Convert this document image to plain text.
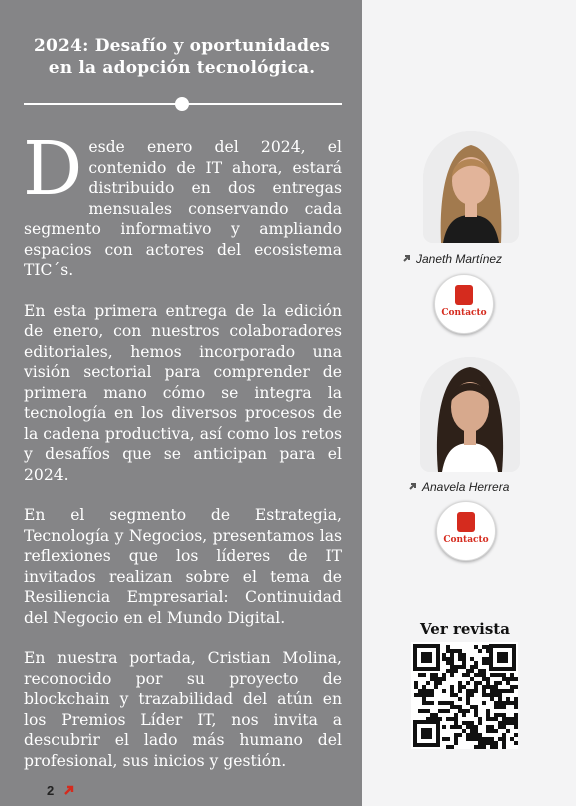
2024: Desafío y oportunidades
en la adopción tecnológica.

Desde enero del 2024, el contenido de IT ahora, estará distribuido en dos entregas mensuales conservando cada segmento informativo y ampliando espacios con actores del ecosistema TIC´s.

En esta primera entrega de la edición de enero, con nuestros colaboradores editoriales, hemos incorporado una visión sectorial para comprender de primera mano cómo se integra la tecnología en los diversos procesos de la cadena productiva, así como los retos y desafíos que se anticipan para el 2024.

En el segmento de Estrategia, Tecnología y Negocios, presentamos las reflexiones que los líderes de IT invitados realizan sobre el tema de Resiliencia Empresarial: Continuidad del Negocio en el Mundo Digital.

En nuestra portada, Cristian Molina, reconocido por su proyecto de blockchain y trazabilidad del atún en los Premios Líder IT, nos invita a descubrir el lado más humano del profesional, sus inicios y gestión.

2
Janeth Martínez
Contacto
Anavela Herrera
Contacto
Ver revista
